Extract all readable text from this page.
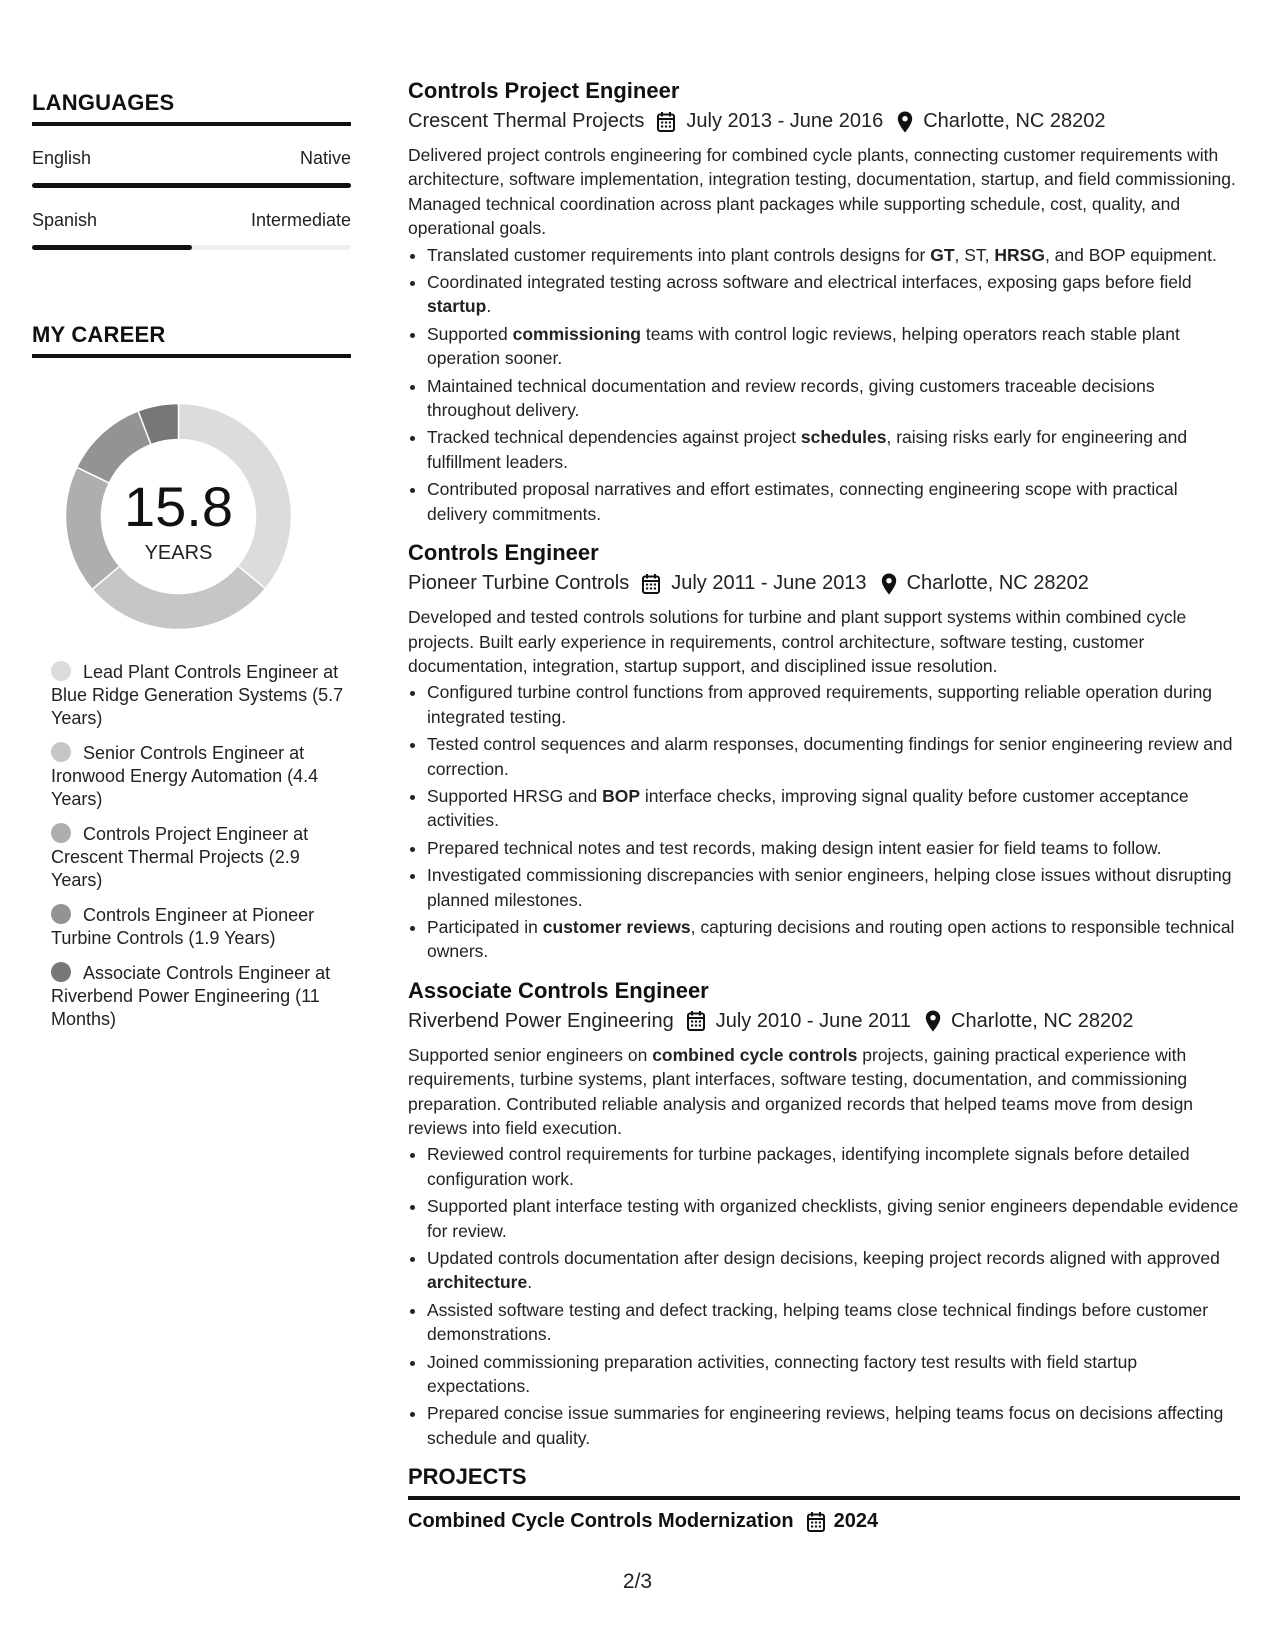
LANGUAGES
English	Native
Spanish	Intermediate
MY CAREER
15.8
YEARS
Lead Plant Controls Engineer at Blue Ridge Generation Systems (5.7 Years)
Senior Controls Engineer at Ironwood Energy Automation (4.4 Years)
Controls Project Engineer at Crescent Thermal Projects (2.9 Years)
Controls Engineer at Pioneer Turbine Controls (1.9 Years)
Associate Controls Engineer at Riverbend Power Engineering (11 Months)
Controls Project Engineer
Crescent Thermal Projects July 2013 - June 2016 Charlotte, NC 28202

Delivered project controls engineering for combined cycle plants, connecting customer requirements with architecture, software implementation, integration testing, documentation, startup, and field commissioning. Managed technical coordination across plant packages while supporting schedule, cost, quality, and operational goals.

• Translated customer requirements into plant controls designs for GT, ST, HRSG, and BOP equipment.
• Coordinated integrated testing across software and electrical interfaces, exposing gaps before field startup.
• Supported commissioning teams with control logic reviews, helping operators reach stable plant operation sooner.
• Maintained technical documentation and review records, giving customers traceable decisions throughout delivery.
• Tracked technical dependencies against project schedules, raising risks early for engineering and fulfillment leaders.
• Contributed proposal narratives and effort estimates, connecting engineering scope with practical delivery commitments.
Controls Engineer
Pioneer Turbine Controls July 2011 - June 2013 Charlotte, NC 28202

Developed and tested controls solutions for turbine and plant support systems within combined cycle projects. Built early experience in requirements, control architecture, software testing, customer documentation, integration, startup support, and disciplined issue resolution.

• Configured turbine control functions from approved requirements, supporting reliable operation during integrated testing.
• Tested control sequences and alarm responses, documenting findings for senior engineering review and correction.
• Supported HRSG and BOP interface checks, improving signal quality before customer acceptance activities.
• Prepared technical notes and test records, making design intent easier for field teams to follow.
• Investigated commissioning discrepancies with senior engineers, helping close issues without disrupting planned milestones.
• Participated in customer reviews, capturing decisions and routing open actions to responsible technical owners.
Associate Controls Engineer
Riverbend Power Engineering July 2010 - June 2011 Charlotte, NC 28202

Supported senior engineers on combined cycle controls projects, gaining practical experience with requirements, turbine systems, plant interfaces, software testing, documentation, and commissioning preparation. Contributed reliable analysis and organized records that helped teams move from design reviews into field execution.

• Reviewed control requirements for turbine packages, identifying incomplete signals before detailed configuration work.
• Supported plant interface testing with organized checklists, giving senior engineers dependable evidence for review.
• Updated controls documentation after design decisions, keeping project records aligned with approved architecture.
• Assisted software testing and defect tracking, helping teams close technical findings before customer demonstrations.
• Joined commissioning preparation activities, connecting factory test results with field startup expectations.
• Prepared concise issue summaries for engineering reviews, helping teams focus on decisions affecting schedule and quality.
PROJECTS
Combined Cycle Controls Modernization 2024
2/3
